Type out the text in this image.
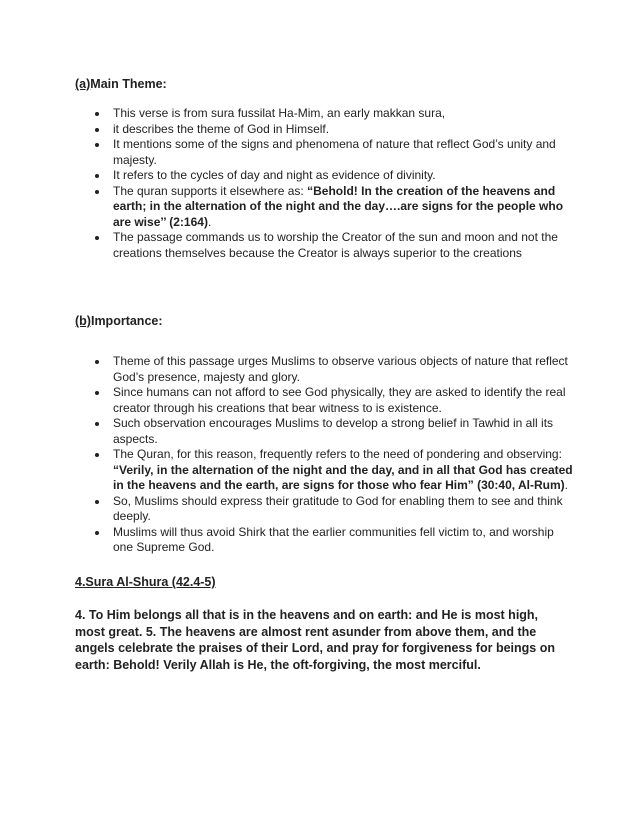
(a)Main Theme:
This verse is from sura fussilat Ha-Mim, an early makkan sura,
it describes the theme of God in Himself.
It mentions some of the signs and phenomena of nature that reflect God’s unity and majesty.
It refers to the cycles of day and night as evidence of divinity.
The quran supports it elsewhere as: “Behold! In the creation of the heavens and earth; in the alternation of the night and the day….are signs for the people who are wise’’ (2:164).
The passage commands us to worship the Creator of the sun and moon and not the creations themselves because the Creator is always superior to the creations
(b)Importance:
Theme of this passage urges Muslims to observe various objects of nature that reflect God’s presence, majesty and glory.
Since humans can not afford to see God physically, they are asked to identify the real creator through his creations that bear witness to is existence.
Such observation encourages Muslims to develop a strong belief in Tawhid in all its aspects.
The Quran, for this reason, frequently refers to the need of pondering and observing: “Verily, in the alternation of the night and the day, and in all that God has created in the heavens and the earth, are signs for those who fear Him” (30:40, Al-Rum).
So, Muslims should express their gratitude to God for enabling them to see and think deeply.
Muslims will thus avoid Shirk that the earlier communities fell victim to, and worship one Supreme God.
4.Sura Al-Shura (42.4-5)
4. To Him belongs all that is in the heavens and on earth: and He is most high, most great. 5. The heavens are almost rent asunder from above them, and the angels celebrate the praises of their Lord, and pray for forgiveness for beings on earth: Behold! Verily Allah is He, the oft-forgiving, the most merciful.
